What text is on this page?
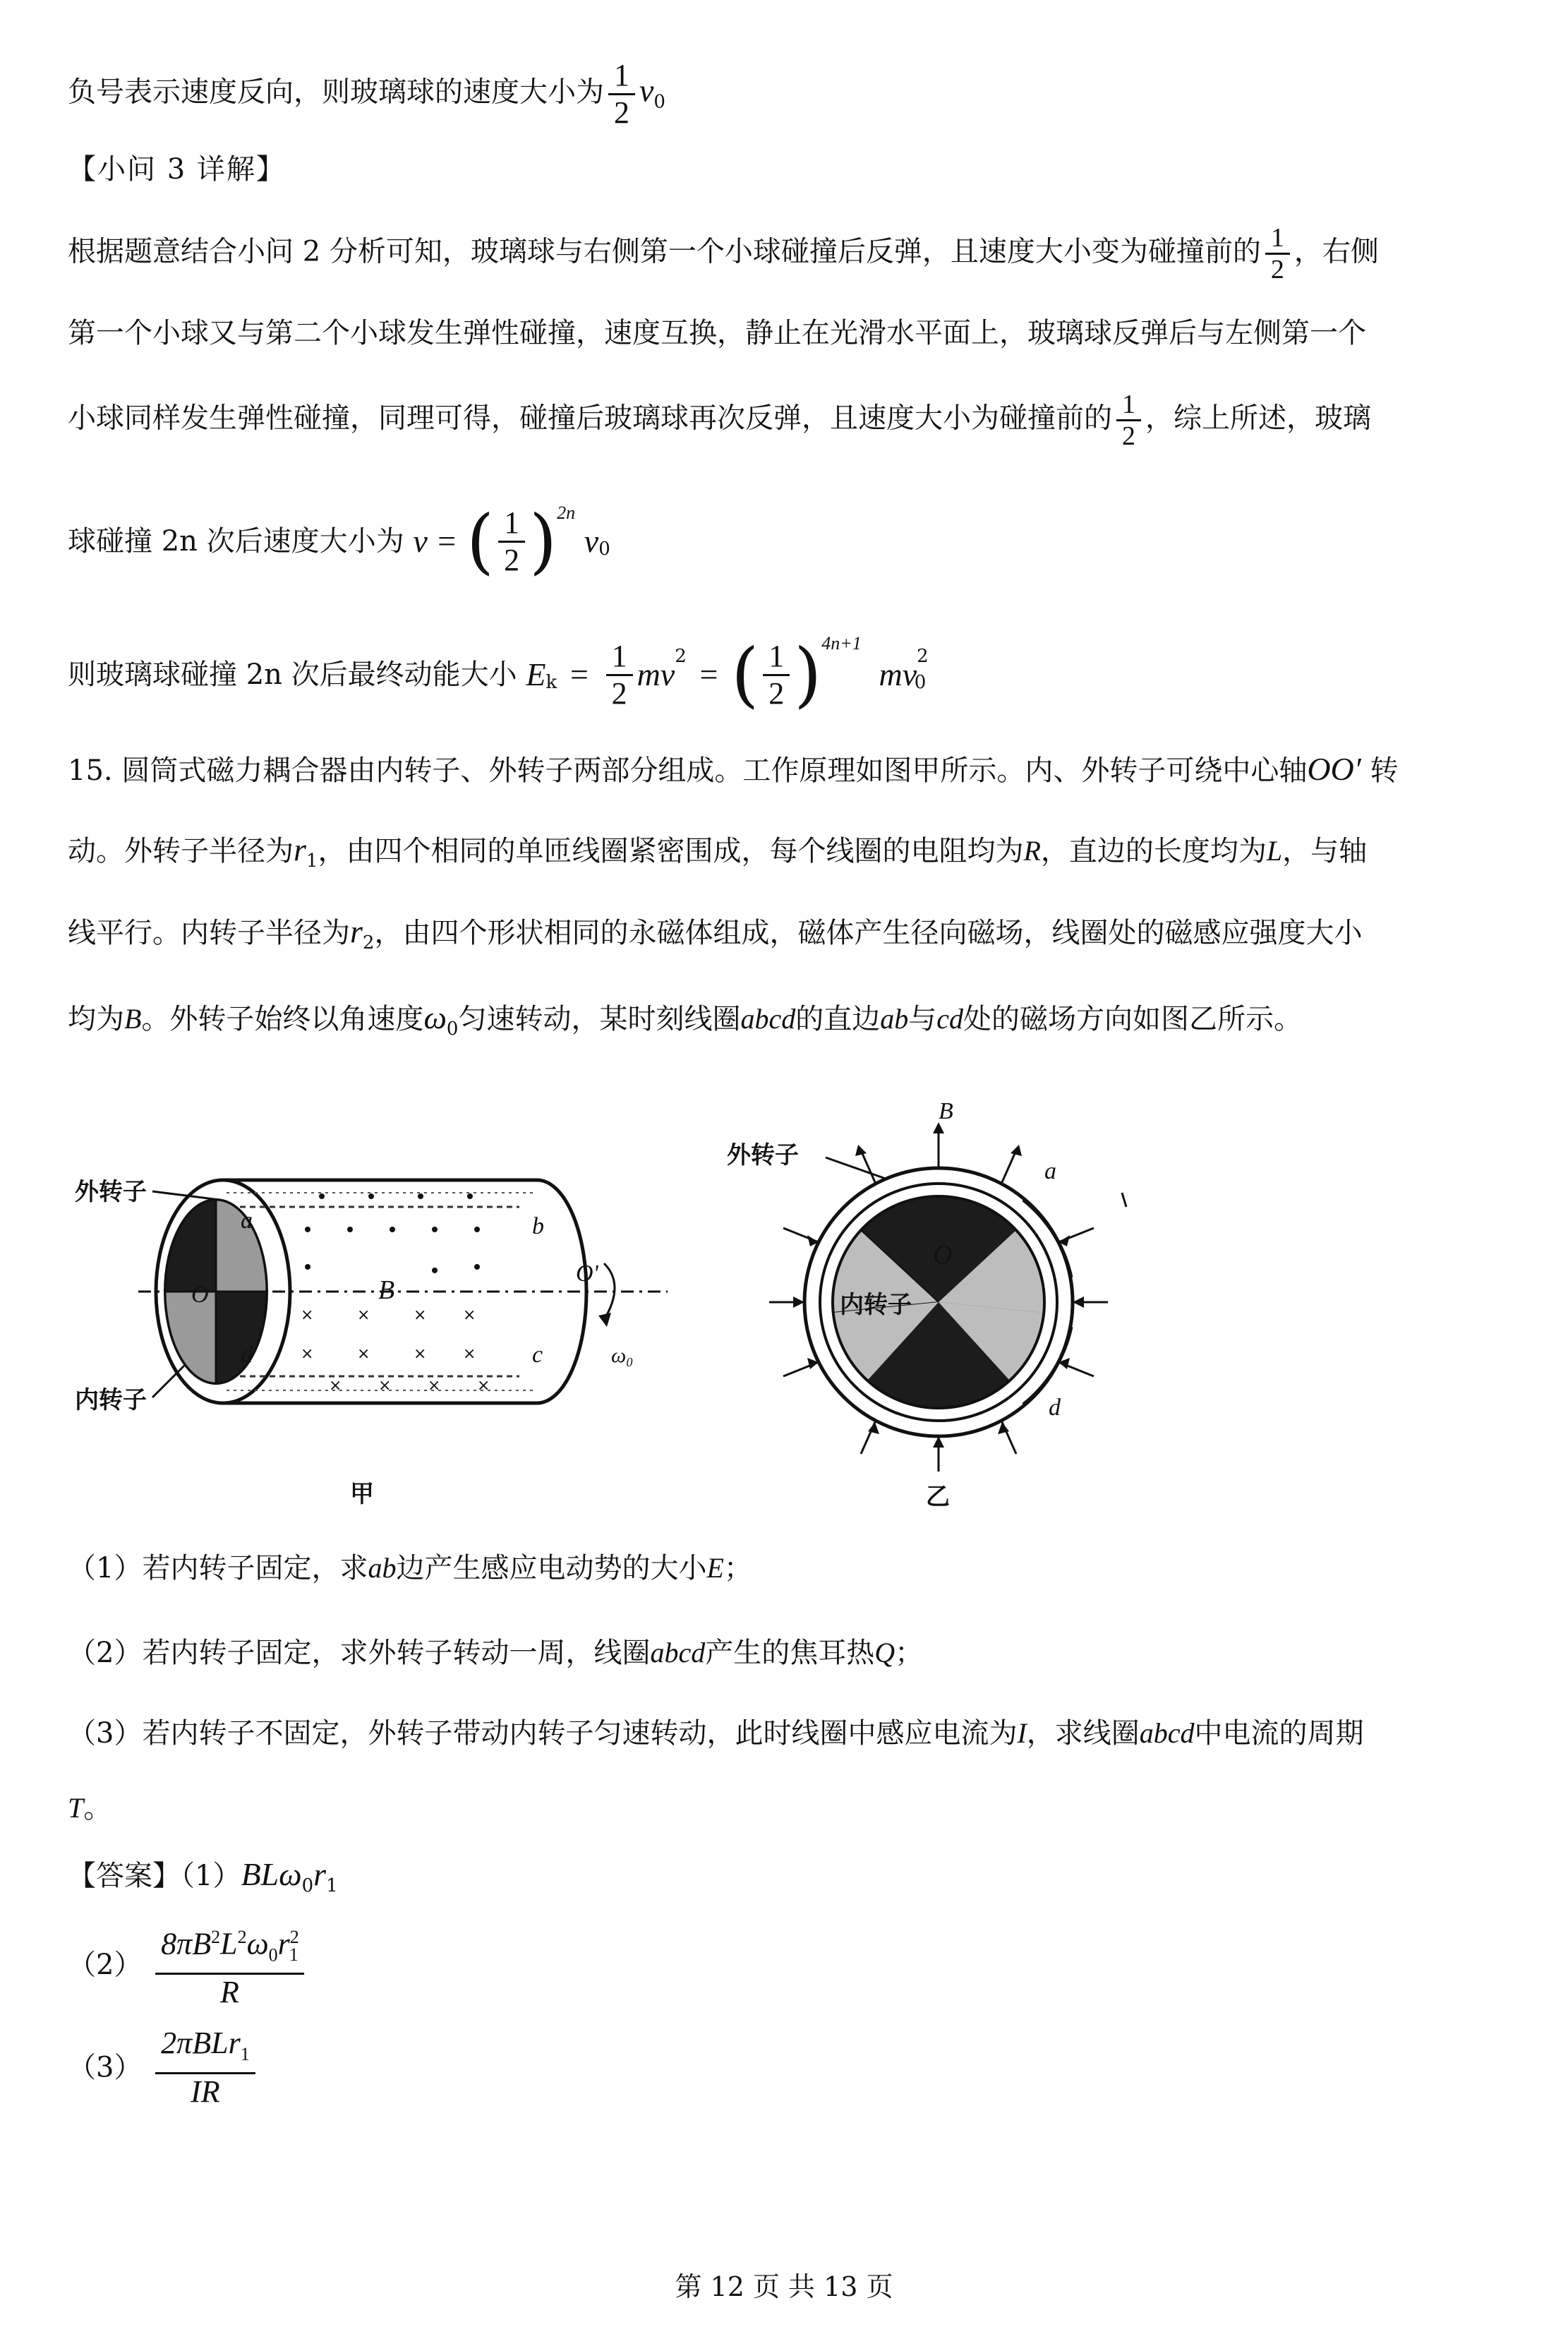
负号表示速度反向，则玻璃球的速度大小为 $\frac{1}{2} v_0$
【小问 3 详解】
根据题意结合小问 2 分析可知，玻璃球与右侧第一个小球碰撞后反弹，且速度大小变为碰撞前的 $\frac{1}{2}$ ，右侧
第一个小球又与第二个小球发生弹性碰撞，速度互换，静止在光滑水平面上，玻璃球反弹后与左侧第一个
小球同样发生弹性碰撞，同理可得，碰撞后玻璃球再次反弹，且速度大小为碰撞前的 $\frac{1}{2}$ ，综上所述，玻璃
球碰撞 2n 次后速度大小为 v = ( $\frac{1}{2} )^{2n}$ $v_0$
则玻璃球碰撞 2n 次后最终动能大小 $E_k = \frac{1}{2} mv^2$ = ( $\frac{1}{2} )^{4n+1}$ $mv^2_0$
15. 圆筒式磁力耦合器由内转子、外转子两部分组成。工作原理如图甲所示。内、外转子可绕中心轴OO′ 转
动。外转子半径为$r_1$，由四个相同的单匝线圈紧密围成，每个线圈的电阻均为R，直边的长度均为L，与轴
线平行。内转子半径为$r_2$，由四个形状相同的永磁体组成，磁体产生径向磁场，线圈处的磁感应强度大小
均为B。外转子始终以角速度$\omega_0$匀速转动，某时刻线圈abcd的直边ab与cd处的磁场方向如图乙所示。
×	×	× ×
×	×	× ×
× × × ×
a	b
d	c
O	B
O'
ω₀
外转子
内转子
甲
O
B
a
d
外转子
内转子
乙
（1）若内转子固定，求ab边产生感应电动势的大小E；
（2）若内转子固定，求外转子转动一周，线圈abcd产生的焦耳热Q；
（3）若内转子不固定，外转子带动内转子匀速转动，此时线圈中感应电流为I，求线圈abcd中电流的周期
T。
【答案】$(1)BL\omega_0r_1$
$(2) \frac{8\pi B^2L^2\omega_0r^2_1}{R}$
$(3) \frac{2\pi BLr_1}{IR}$
第 12 页 共 13 页
